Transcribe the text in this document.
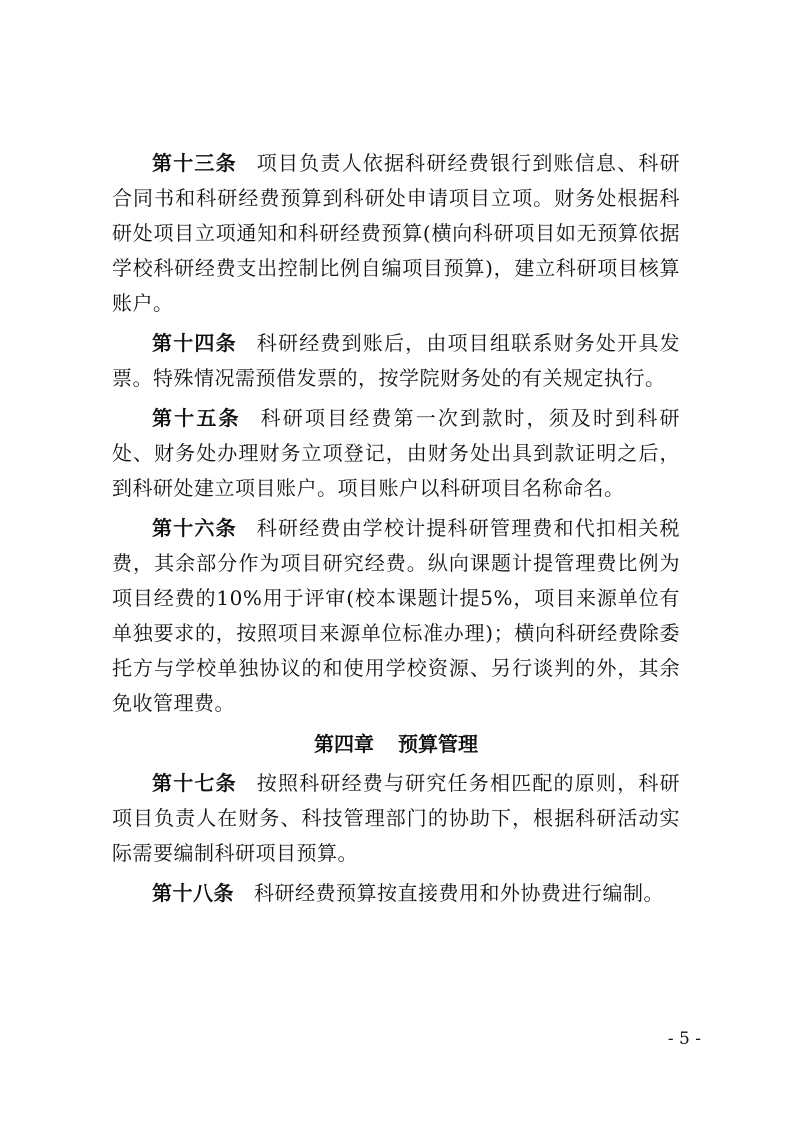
第十三条 项目负责人依据科研经费银行到账信息、科研合同书和科研经费预算到科研处申请项目立项。财务处根据科研处项目立项通知和科研经费预算(横向科研项目如无预算依据学校科研经费支出控制比例自编项目预算)，建立科研项目核算账户。

第十四条 科研经费到账后，由项目组联系财务处开具发票。特殊情况需预借发票的，按学院财务处的有关规定执行。

第十五条 科研项目经费第一次到款时，须及时到科研处、财务处办理财务立项登记，由财务处出具到款证明之后，到科研处建立项目账户。项目账户以科研项目名称命名。

第十六条 科研经费由学校计提科研管理费和代扣相关税费，其余部分作为项目研究经费。纵向课题计提管理费比例为项目经费的10%用于评审(校本课题计提5%，项目来源单位有单独要求的，按照项目来源单位标准办理)；横向科研经费除委托方与学校单独协议的和使用学校资源、另行谈判的外，其余免收管理费。

第四章 预算管理

第十七条 按照科研经费与研究任务相匹配的原则，科研项目负责人在财务、科技管理部门的协助下，根据科研活动实际需要编制科研项目预算。

第十八条 科研经费预算按直接费用和外协费进行编制。

- 5 -
